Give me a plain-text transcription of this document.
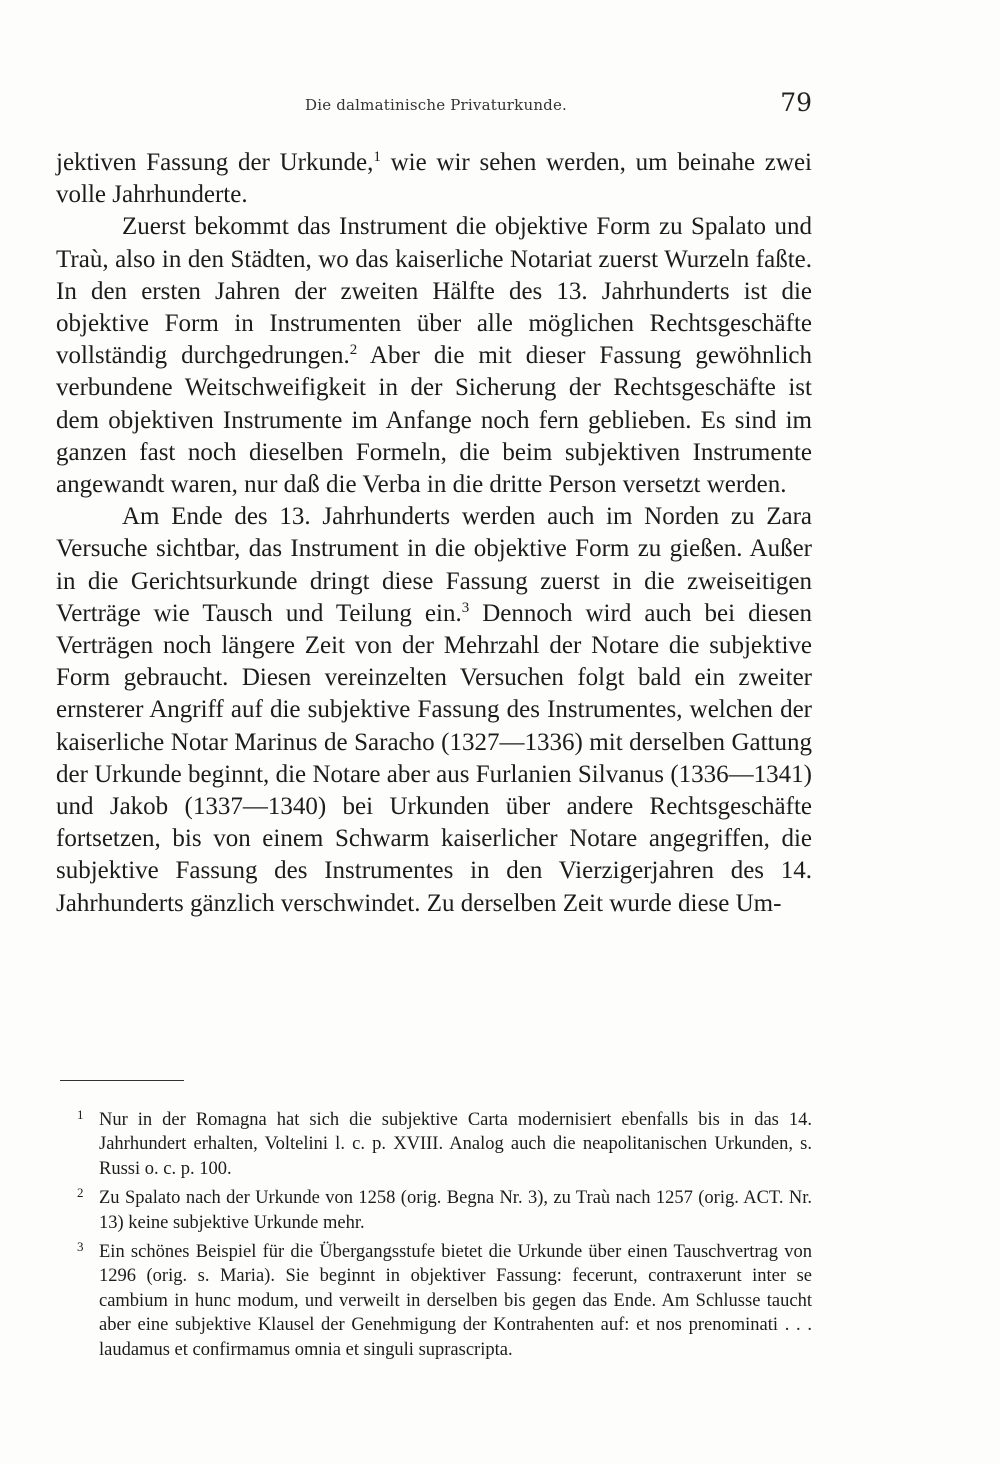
Die dalmatinische Privaturkunde.	79

jektiven Fassung der Urkunde,$^1$ wie wir sehen werden, um beinahe zwei volle Jahrhunderte.

Zuerst bekommt das Instrument die objektive Form zu Spalato und Traù, also in den Städten, wo das kaiserliche Notariat zuerst Wurzeln faßte. In den ersten Jahren der zweiten Hälfte des 13. Jahrhunderts ist die objektive Form in Instrumenten über alle möglichen Rechtsgeschäfte vollständig durchgedrungen.$^2$ Aber die mit dieser Fassung gewöhnlich verbundene Weitschweifigkeit in der Sicherung der Rechtsgeschäfte ist dem objektiven Instrumente im Anfange noch fern geblieben. Es sind im ganzen fast noch dieselben Formeln, die beim subjektiven Instrumente angewandt waren, nur daß die Verba in die dritte Person versetzt werden.

Am Ende des 13. Jahrhunderts werden auch im Norden zu Zara Versuche sichtbar, das Instrument in die objektive Form zu gießen. Außer in die Gerichtsurkunde dringt diese Fassung zuerst in die zweiseitigen Verträge wie Tausch und Teilung ein.$^3$ Dennoch wird auch bei diesen Verträgen noch längere Zeit von der Mehrzahl der Notare die subjektive Form gebraucht. Diesen vereinzelten Versuchen folgt bald ein zweiter ernsterer Angriff auf die subjektive Fassung des Instrumentes, welchen der kaiserliche Notar Marinus de Saracho (1327—1336) mit derselben Gattung der Urkunde beginnt, die Notare aber aus Furlanien Silvanus (1336—1341) und Jakob (1337—1340) bei Urkunden über andere Rechtsgeschäfte fortsetzen, bis von einem Schwarm kaiserlicher Notare angegriffen, die subjektive Fassung des Instrumentes in den Vierzigerjahren des 14. Jahrhunderts gänzlich verschwindet. Zu derselben Zeit wurde diese Um-

1 Nur in der Romagna hat sich die subjektive Carta modernisiert ebenfalls bis in das 14. Jahrhundert erhalten, Voltelini l. c. p. XVIII. Analog auch die neapolitanischen Urkunden, s. Russi o. c. p. 100.

2 Zu Spalato nach der Urkunde von 1258 (orig. Begna Nr. 3), zu Traù nach 1257 (orig. ACT. Nr. 13) keine subjektive Urkunde mehr.

3 Ein schönes Beispiel für die Übergangsstufe bietet die Urkunde über einen Tauschvertrag von 1296 (orig. s. Maria). Sie beginnt in objektiver Fassung: fecerunt, contraxerunt inter se cambium in hunc modum, und verweilt in derselben bis gegen das Ende. Am Schlusse taucht aber eine subjektive Klausel der Genehmigung der Kontrahenten auf: et nos prenominati . . . laudamus et confirmamus omnia et singuli suprascripta.
